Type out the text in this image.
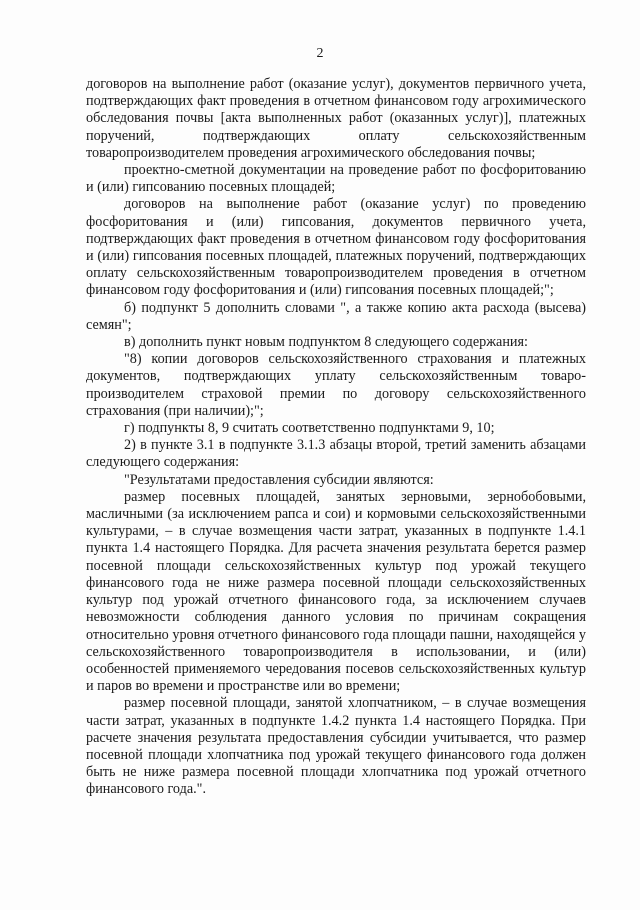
2

договоров на выполнение работ (оказание услуг), документов первичного учета, подтверждающих факт проведения в отчетном финансовом году агрохимического обследования почвы [акта выполненных работ (оказанных услуг)], платежных поручений, подтверждающих оплату сельскохозяйственным товаропроизводителем проведения агрохимического обследования почвы;

проектно-сметной документации на проведение работ по фосфоритованию и (или) гипсованию посевных площадей;

договоров на выполнение работ (оказание услуг) по проведению фосфоритования и (или) гипсования, документов первичного учета, подтверждающих факт проведения в отчетном финансовом году фосфоритования и (или) гипсования посевных площадей, платежных поручений, подтверждающих оплату сельскохозяйственным товаропроизводителем проведения в отчетном финансовом году фосфоритования и (или) гипсования посевных площадей;";

б) подпункт 5 дополнить словами ", а также копию акта расхода (высева) семян";

в) дополнить пункт новым подпунктом 8 следующего содержания:

"8) копии договоров сельскохозяйственного страхования и платежных документов, подтверждающих уплату сельскохозяйственным товаропроизводителем страховой премии по договору сельскохозяйственного страхования (при наличии);";

г) подпункты 8, 9 считать соответственно подпунктами 9, 10;

2) в пункте 3.1 в подпункте 3.1.3 абзацы второй, третий заменить абзацами следующего содержания:

"Результатами предоставления субсидии являются:

размер посевных площадей, занятых зерновыми, зернобобовыми, масличными (за исключением рапса и сои) и кормовыми сельскохозяйственными культурами, – в случае возмещения части затрат, указанных в подпункте 1.4.1 пункта 1.4 настоящего Порядка. Для расчета значения результата берется размер посевной площади сельскохозяйственных культур под урожай текущего финансового года не ниже размера посевной площади сельскохозяйственных культур под урожай отчетного финансового года, за исключением случаев невозможности соблюдения данного условия по причинам сокращения относительно уровня отчетного финансового года площади пашни, находящейся у сельскохозяйственного товаропроизводителя в использовании, и (или) особенностей применяемого чередования посевов сельскохозяйственных культур и паров во времени и пространстве или во времени;

размер посевной площади, занятой хлопчатником, – в случае возмещения части затрат, указанных в подпункте 1.4.2 пункта 1.4 настоящего Порядка. При расчете значения результата предоставления субсидии учитывается, что размер посевной площади хлопчатника под урожай текущего финансового года должен быть не ниже размера посевной площади хлопчатника под урожай отчетного финансового года.".
